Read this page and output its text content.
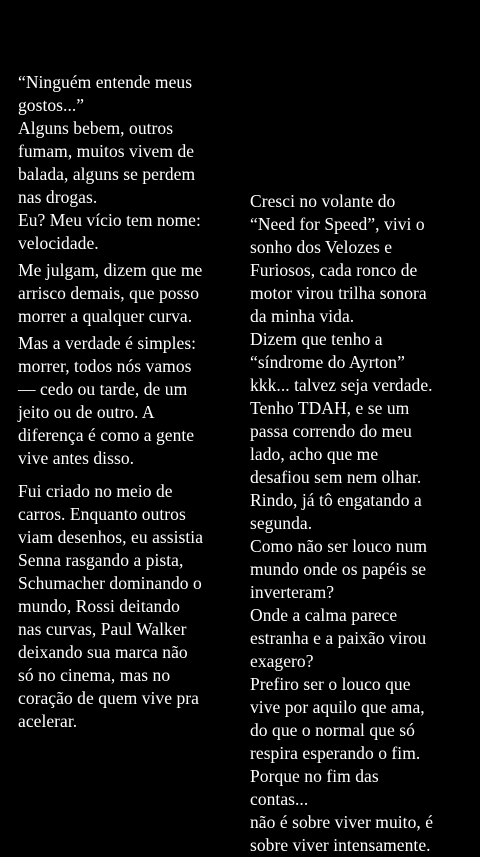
“Ninguém entende meus
gostos...”
Alguns bebem, outros
fumam, muitos vivem de
balada, alguns se perdem
nas drogas.
Eu? Meu vício tem nome:
velocidade.

Me julgam, dizem que me
arrisco demais, que posso
morrer a qualquer curva.

Mas a verdade é simples:
morrer, todos nós vamos
— cedo ou tarde, de um
jeito ou de outro. A
diferença é como a gente
vive antes disso.

Fui criado no meio de
carros. Enquanto outros
viam desenhos, eu assistia
Senna rasgando a pista,
Schumacher dominando o
mundo, Rossi deitando
nas curvas, Paul Walker
deixando sua marca não
só no cinema, mas no
coração de quem vive pra
acelerar.

Cresci no volante do
“Need for Speed”, vivi o
sonho dos Velozes e
Furiosos, cada ronco de
motor virou trilha sonora
da minha vida.

Dizem que tenho a
“síndrome do Ayrton”
kkk... talvez seja verdade.

Tenho TDAH, e se um
passa correndo do meu
lado, acho que me
desafiou sem nem olhar.
Rindo, já tô engatando a
segunda.

Como não ser louco num
mundo onde os papéis se
inverteram?

Onde a calma parece
estranha e a paixão virou
exagero?

Prefiro ser o louco que
vive por aquilo que ama,
do que o normal que só
respira esperando o fim.

Porque no fim das
contas...
não é sobre viver muito, é
sobre viver intensamente.
